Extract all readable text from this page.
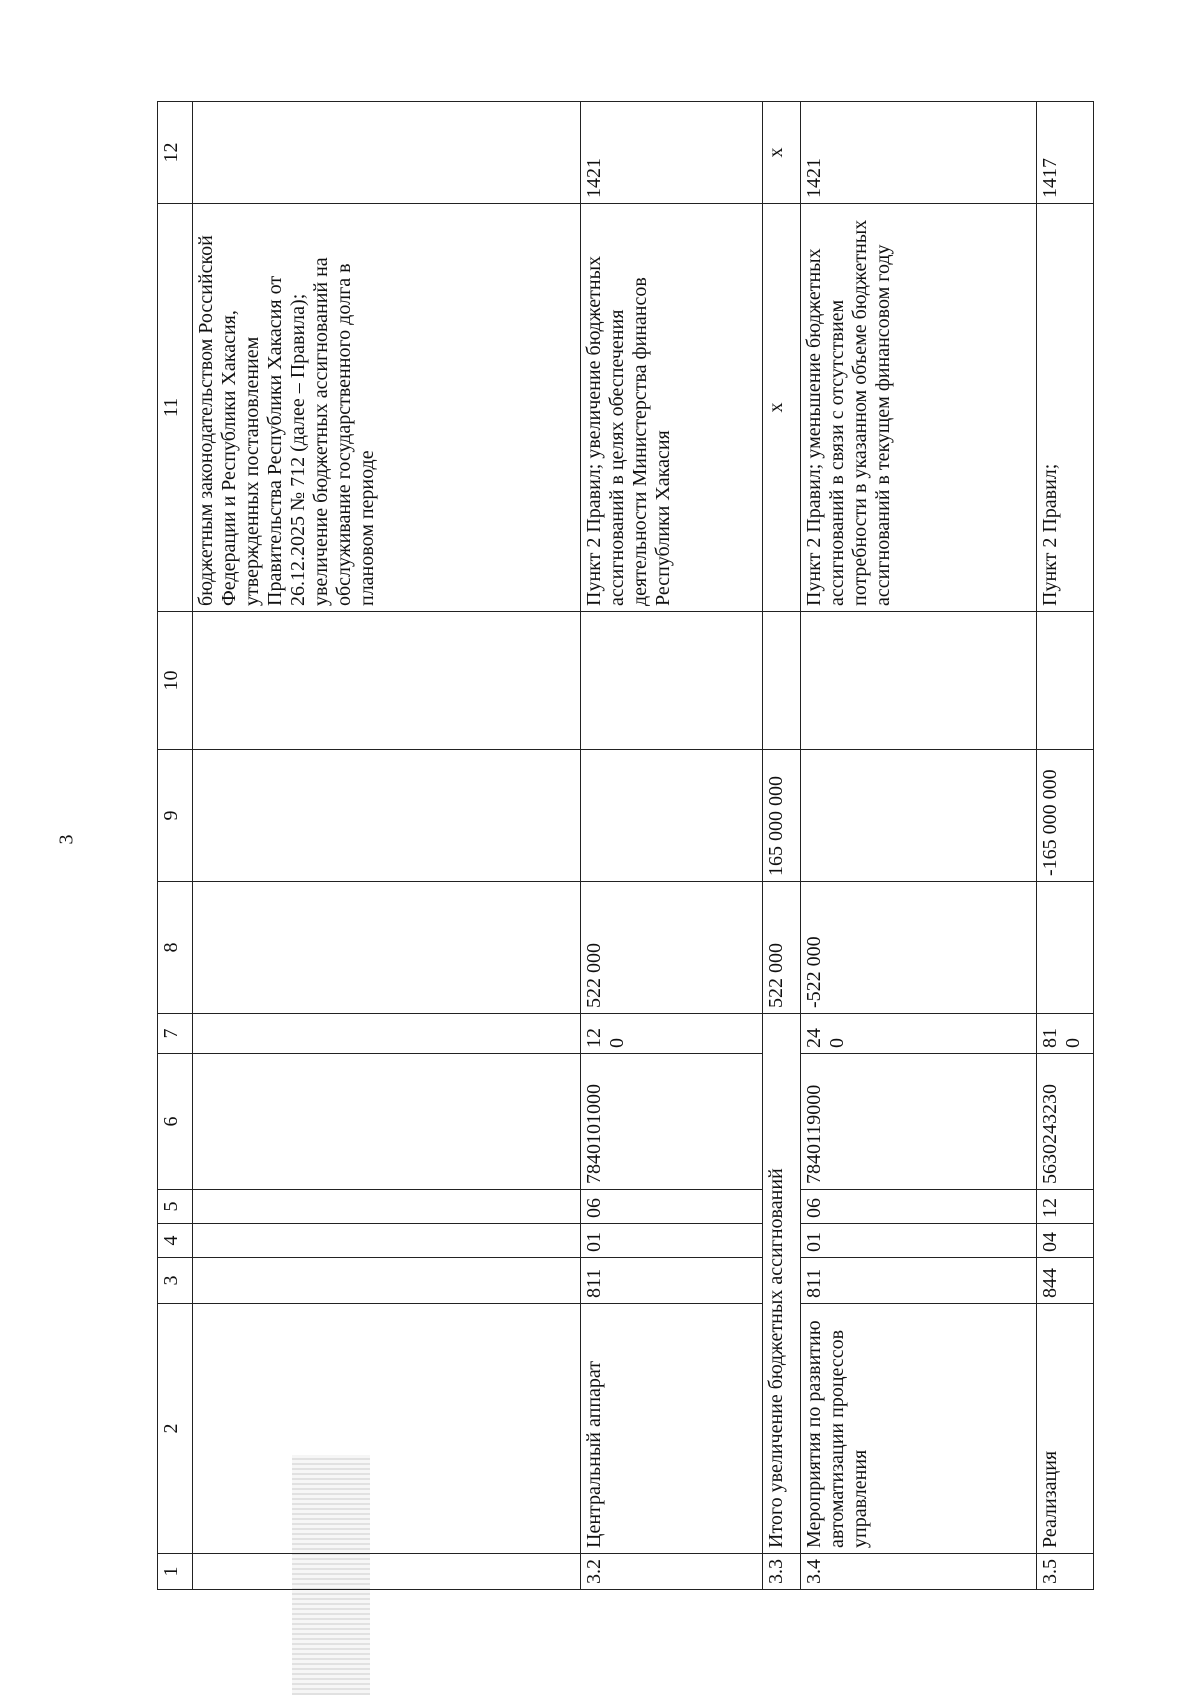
3
1	2	3	4	5	6	7	8	9	10	11	12
										бюджетным законодательством Российской Федерации и Республики Хакасия, утвержденных постановлением Правительства Республики Хакасия от 26.12.2025 № 712 (далее – Правила); увеличение бюджетных ассигнований на обслуживание государственного долга в плановом периоде	
3.2	Центральный аппарат	811	01	06	7840101000	120	522 000			Пункт 2 Правил; увеличение бюджетных ассигнований в целях обеспечения деятельности Министерства финансов Республики Хакасия	1421
3.3	Итого увеличение бюджетных ассигнований						522 000	165 000 000		х	х
3.4	Мероприятия по развитию автоматизации процессов управления	811	01	06	7840119000	240	-522 000			Пункт 2 Правил; уменьшение бюджетных ассигнований в связи с отсутствием потребности в указанном объеме бюджетных ассигнований в текущем финансовом году	1421
3.5	Реализация	844	04	12	5630243230	810		-165 000 000		Пункт 2 Правил;	1417
